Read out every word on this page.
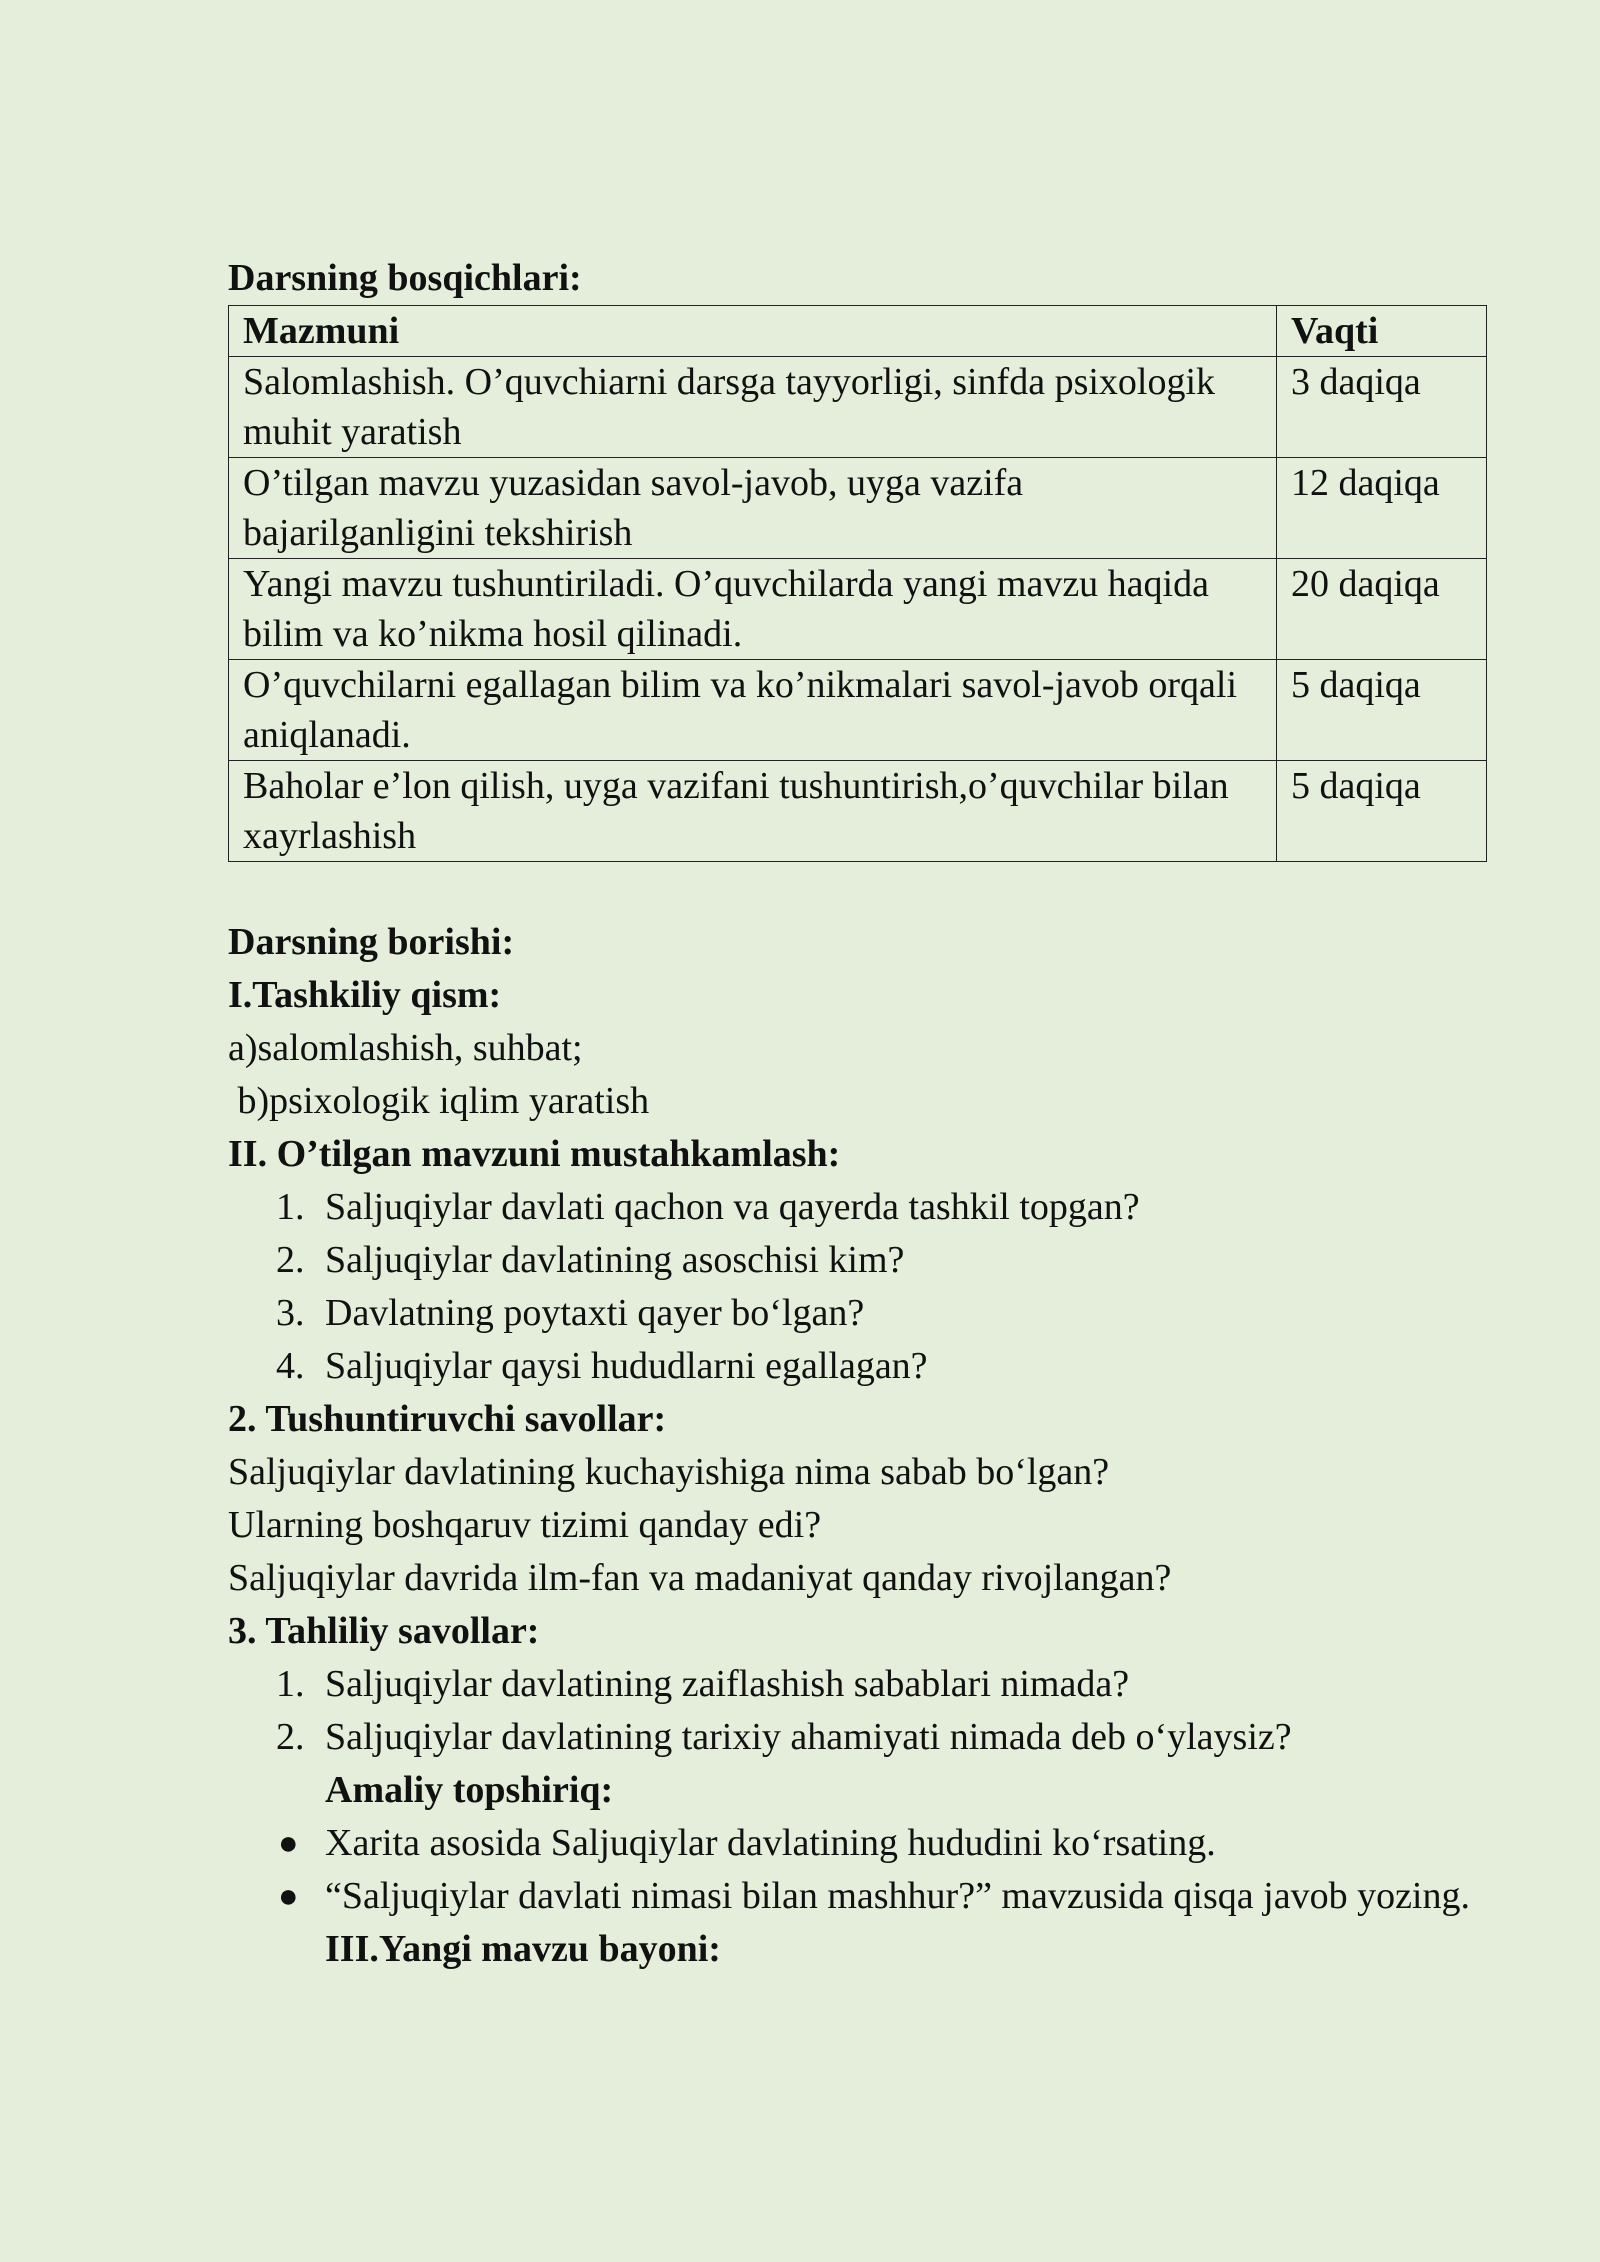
Darsning bosqichlari:

Mazmuni	Vaqti
Salomlashish. O’quvchiarni darsga tayyorligi, sinfda psixologik muhit yaratish	3 daqiqa
O’tilgan mavzu yuzasidan savol-javob, uyga vazifa bajarilganligini tekshirish	12 daqiqa
Yangi mavzu tushuntiriladi. O’quvchilarda yangi mavzu haqida bilim va ko’nikma hosil qilinadi.	20 daqiqa
O’quvchilarni egallagan bilim va ko’nikmalari savol-javob orqali aniqlanadi.	5 daqiqa
Baholar e’lon qilish, uyga vazifani tushuntirish,o’quvchilar bilan xayrlashish	5 daqiqa

Darsning borishi:

I.Tashkiliy qism:

a)salomlashish, suhbat;

b)psixologik iqlim yaratish

II. O’tilgan mavzuni mustahkamlash:

1. Saljuqiylar davlati qachon va qayerda tashkil topgan?
2. Saljuqiylar davlatining asoschisi kim?
3. Davlatning poytaxti qayer bo‘lgan?
4. Saljuqiylar qaysi hududlarni egallagan?

2. Tushuntiruvchi savollar:

Saljuqiylar davlatining kuchayishiga nima sabab bo‘lgan?

Ularning boshqaruv tizimi qanday edi?

Saljuqiylar davrida ilm-fan va madaniyat qanday rivojlangan?

3. Tahliliy savollar:

1. Saljuqiylar davlatining zaiflashish sabablari nimada?
2. Saljuqiylar davlatining tarixiy ahamiyati nimada deb o‘ylaysiz?

Amaliy topshiriq:

● Xarita asosida Saljuqiylar davlatining hududini ko‘rsating.
● “Saljuqiylar davlati nimasi bilan mashhur?” mavzusida qisqa javob yozing.

III.Yangi mavzu bayoni:
